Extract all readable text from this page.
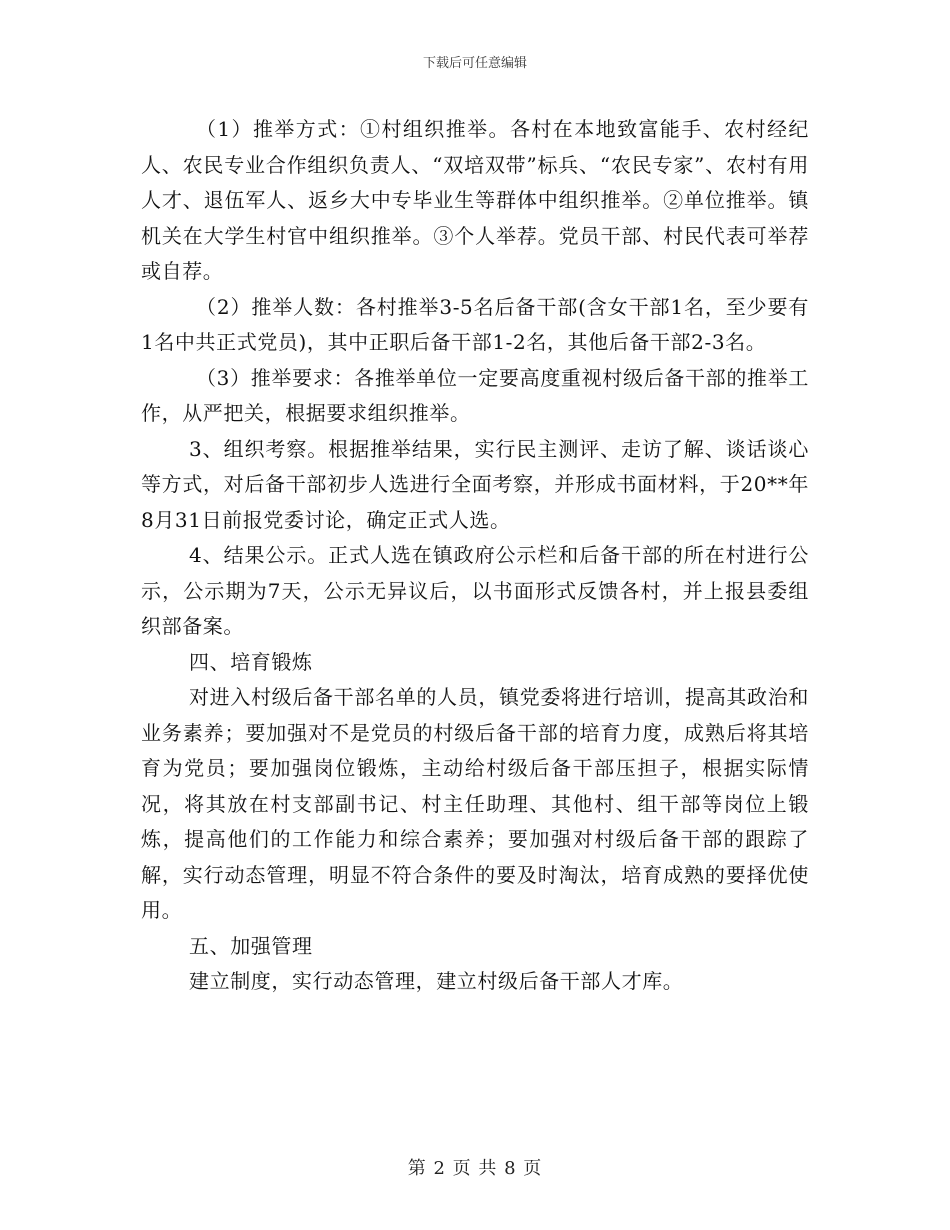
下载后可任意编辑

（1）推举方式：①村组织推举。各村在本地致富能手、农村经纪人、农民专业合作组织负责人、“双培双带”标兵、“农民专家”、农村有用人才、退伍军人、返乡大中专毕业生等群体中组织推举。②单位推举。镇机关在大学生村官中组织推举。③个人举荐。党员干部、村民代表可举荐或自荐。

（2）推举人数：各村推举3-5名后备干部(含女干部1名，至少要有1名中共正式党员)，其中正职后备干部1-2名，其他后备干部2-3名。

（3）推举要求：各推举单位一定要高度重视村级后备干部的推举工作，从严把关，根据要求组织推举。

3、组织考察。根据推举结果，实行民主测评、走访了解、谈话谈心等方式，对后备干部初步人选进行全面考察，并形成书面材料，于20**年8月31日前报党委讨论，确定正式人选。

4、结果公示。正式人选在镇政府公示栏和后备干部的所在村进行公示，公示期为7天，公示无异议后，以书面形式反馈各村，并上报县委组织部备案。

四、培育锻炼

对进入村级后备干部名单的人员，镇党委将进行培训，提高其政治和业务素养；要加强对不是党员的村级后备干部的培育力度，成熟后将其培育为党员；要加强岗位锻炼，主动给村级后备干部压担子，根据实际情况，将其放在村支部副书记、村主任助理、其他村、组干部等岗位上锻炼，提高他们的工作能力和综合素养；要加强对村级后备干部的跟踪了解，实行动态管理，明显不符合条件的要及时淘汰，培育成熟的要择优使用。

五、加强管理

建立制度，实行动态管理，建立村级后备干部人才库。

第 2 页 共 8 页
